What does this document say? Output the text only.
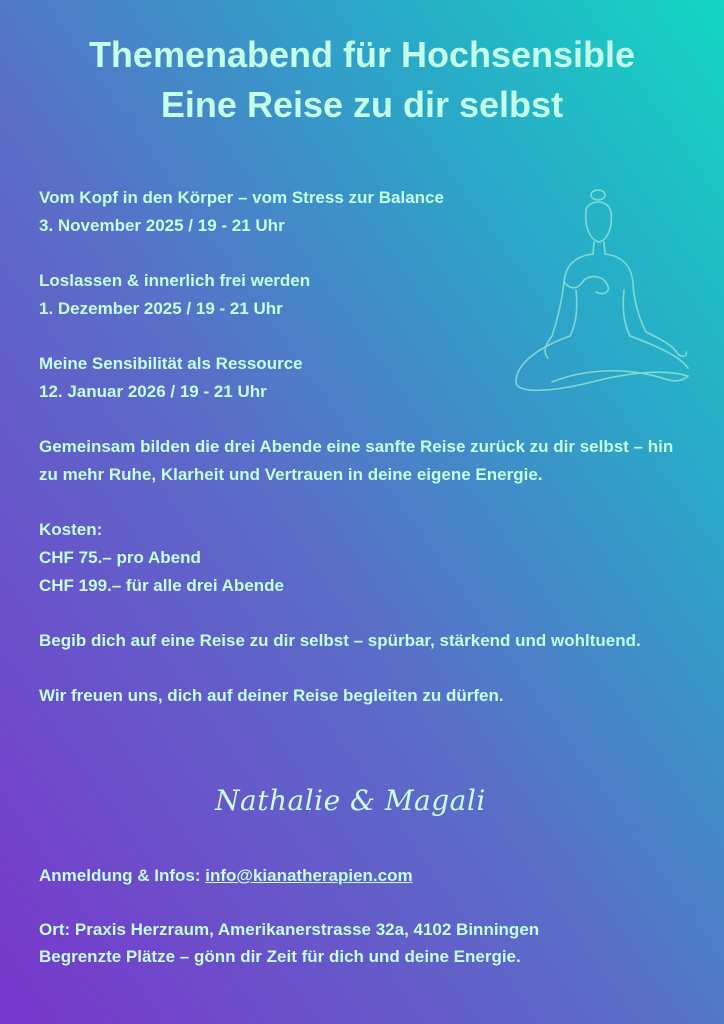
Themenabend für Hochsensible
Eine Reise zu dir selbst
Vom Kopf in den Körper – vom Stress zur Balance
3. November 2025 / 19 - 21 Uhr
Loslassen & innerlich frei werden
1. Dezember 2025 / 19 - 21 Uhr
Meine Sensibilität als Ressource
12. Januar 2026 / 19 - 21 Uhr
Gemeinsam bilden die drei Abende eine sanfte Reise zurück zu dir selbst – hin zu mehr Ruhe, Klarheit und Vertrauen in deine eigene Energie.
Kosten:
CHF 75.– pro Abend
CHF 199.– für alle drei Abende
Begib dich auf eine Reise zu dir selbst – spürbar, stärkend und wohltuend.
Wir freuen uns, dich auf deiner Reise begleiten zu dürfen.
Nathalie & Magali
Anmeldung & Infos: info@kianatherapien.com
Ort: Praxis Herzraum, Amerikanerstrasse 32a, 4102 Binningen
Begrenzte Plätze – gönn dir Zeit für dich und deine Energie.
